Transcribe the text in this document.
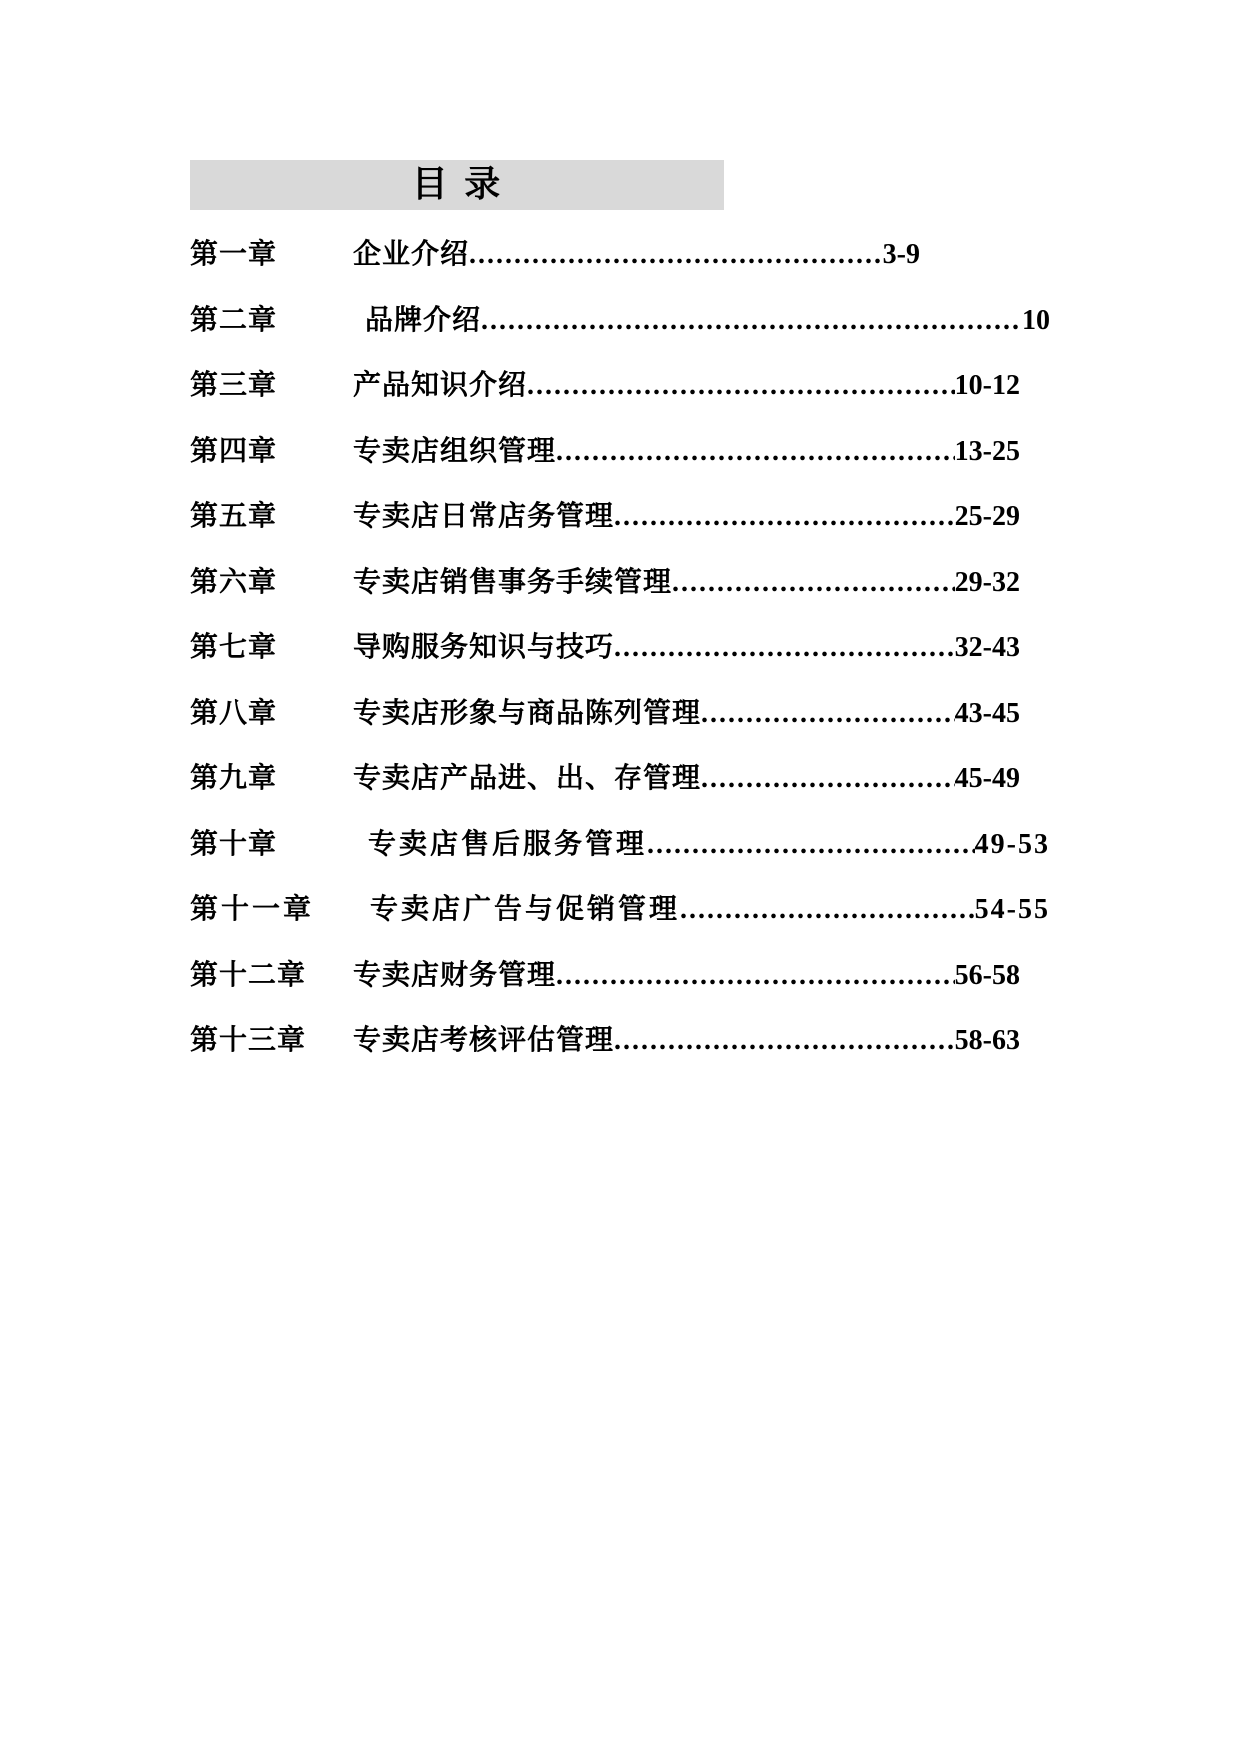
目 录
第一章	企业介绍 .....	3-9
第二章	品牌介绍 .....	10
第三章	产品知识介绍 .....	10-12
第四章	专卖店组织管理 .....	13-25
第五章	专卖店日常店务管理 .....	25-29
第六章	专卖店销售事务手续管理 .....	29-32
第七章	导购服务知识与技巧 .....	32-43
第八章	专卖店形象与商品陈列管理 .....	43-45
第九章	专卖店产品进、出、存管理 .....	45-49
第十章	专卖店售后服务管理 .....	49-53
第十一章 专卖店广告与促销管理 .....	54-55
第十二章 专卖店财务管理 .....	56-58
第十三章 专卖店考核评估管理 .....	58-63
